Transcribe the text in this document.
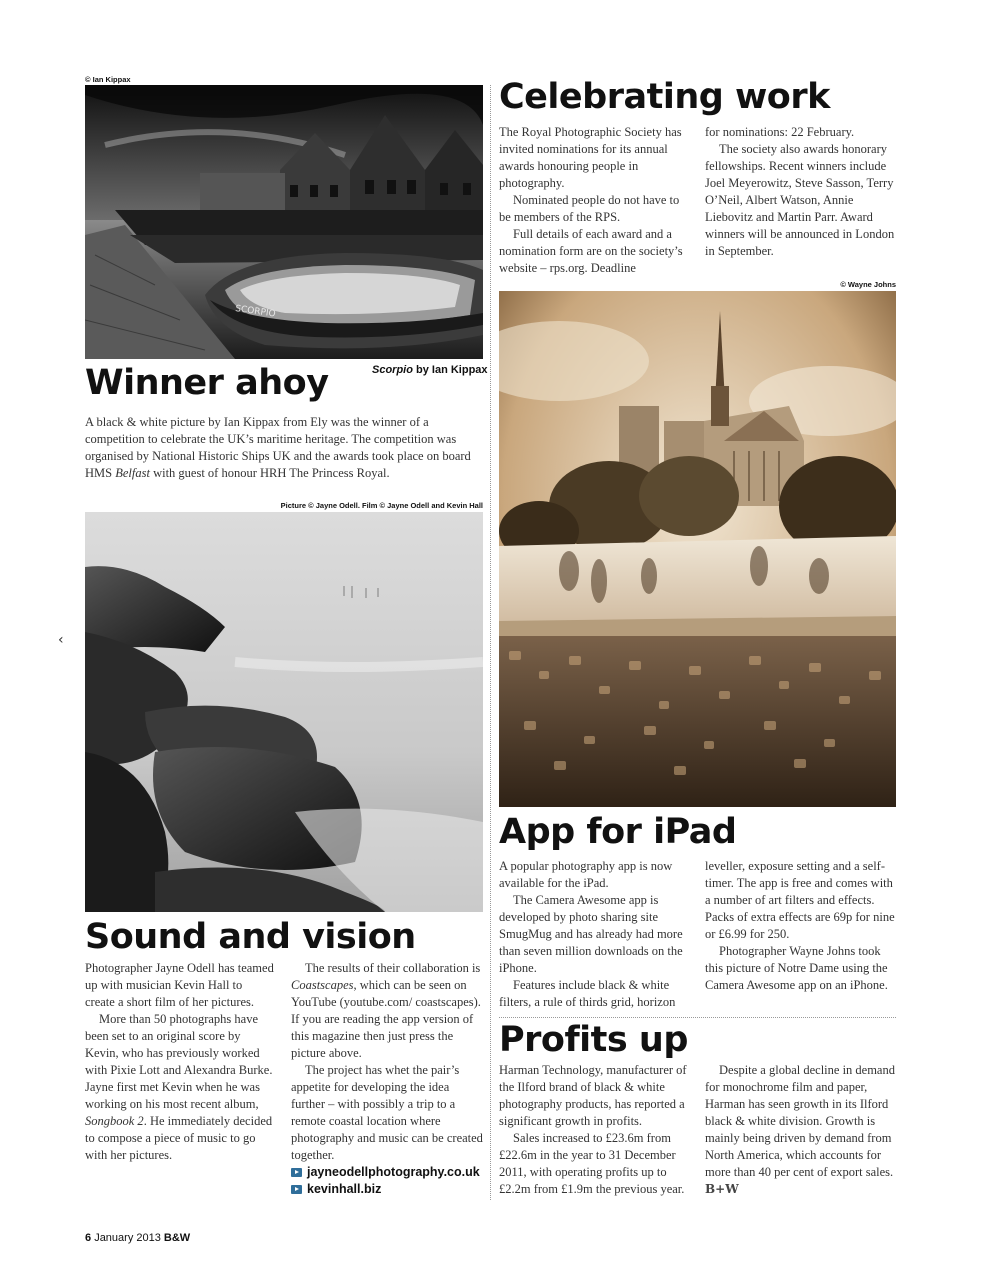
‹
© Ian Kippax
SCORPIO
Scorpio by Ian Kippax
Winner ahoy

A black & white picture by Ian Kippax from Ely was the winner of a competition to celebrate the UK’s maritime heritage. The competition was organised by National Historic Ships UK and the awards took place on board HMS Belfast with guest of honour HRH The Princess Royal.

Picture © Jayne Odell. Film © Jayne Odell and Kevin Hall
Sound and vision

Photographer Jayne Odell has teamed up with musician Kevin Hall to create a short film of her pictures.

More than 50 photographs have been set to an original score by Kevin, who has previously worked with Pixie Lott and Alexandra Burke. Jayne first met Kevin when he was working on his most recent album, Songbook 2. He immediately decided to compose a piece of music to go with her pictures.

The results of their collaboration is Coastscapes, which can be seen on YouTube (youtube.com/ coastscapes). If you are reading the app version of this magazine then just press the picture above.

The project has whet the pair’s appetite for developing the idea further – with possibly a trip to a remote coastal location where photography and music can be created together.

jayneodellphotography.co.uk
kevinhall.biz
Celebrating work

The Royal Photographic Society has invited nominations for its annual awards honouring people in photography.

Nominated people do not have to be members of the RPS.

Full details of each award and a nomination form are on the society’s website – rps.org. Deadline

for nominations: 22 February.

The society also awards honorary fellowships. Recent winners include Joel Meyerowitz, Steve Sasson, Terry O’Neil, Albert Watson, Annie Liebovitz and Martin Parr. Award winners will be announced in London in September.

© Wayne Johns
App for iPad

A popular photography app is now available for the iPad.

The Camera Awesome app is developed by photo sharing site SmugMug and has already had more than seven million downloads on the iPhone.

Features include black & white filters, a rule of thirds grid, horizon

leveller, exposure setting and a self-timer. The app is free and comes with a number of art filters and effects. Packs of extra effects are 69p for nine or £6.99 for 250.

Photographer Wayne Johns took this picture of Notre Dame using the Camera Awesome app on an iPhone.

Profits up

Harman Technology, manufacturer of the Ilford brand of black & white photography products, has reported a significant growth in profits.

Sales increased to £23.6m from £22.6m in the year to 31 December 2011, with operating profits up to £2.2m from £1.9m the previous year.

Despite a global decline in demand for monochrome film and paper, Harman has seen growth in its Ilford black & white division. Growth is mainly being driven by demand from North America, which accounts for more than 40 per cent of export sales. B+W

6 January 2013 B&W
